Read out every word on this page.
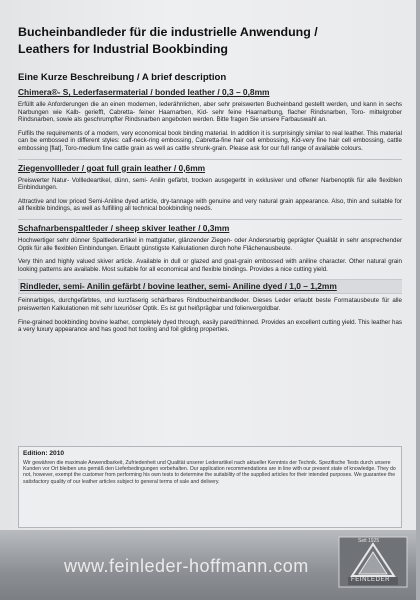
Bucheinbandleder für die industrielle Anwendung /
Leathers for Industrial Bookbinding
Eine Kurze Beschreibung / A brief description
Chimera®- S, Lederfasermaterial / bonded leather / 0,3 – 0,8mm

Erfüllt alle Anforderungen die an einen modernen, lederähnlichen, aber sehr preiswerten Bucheinband gestellt werden, und kann in sechs Narbungen wie Kalb- geriefft, Cabretta- feiner Haarnarben, Kid- sehr feine Haarnarbung, flacher Rindsnarben, Toro- mittelgrober Rindsnarben, sowie als geschrumpfter Rindsnarben angeboten werden. Bitte fragen Sie unsere Farbauswahl an.

Fulfils the requirements of a modern, very economical book binding material. In addition it is surprisingly similar to real leather. This material can be embossed in different styles: calf-neck-ring embossing, Cabretta-fine hair cell embossing, Kid-very fine hair cell embossing, cattle embossing [flat], Toro-medium fine cattle grain as well as cattle shrunk-grain. Please ask for our full range of available colours.

Ziegenvollleder / goat full grain leather / 0,6mm

Preiswerter Natur- Vollledeartikel, dünn, semi- Anilin gefärbt, trocken ausgegerbt in exklusiver und offener Narbenoptik für alle flexiblen Einbindungen.

Attractive and low priced Semi-Aniline dyed article, dry-tannage with genuine and very natural grain appearance. Also, thin and suitable for all flexible bindings, as well as fulfilling all technical bookbinding needs.

Schafnarbenspaltleder / sheep skiver leather / 0,3mm

Hochwertiger sehr dünner Spaltlederartikel in mattglatter, glänzender Ziegen- oder Andersnarbig geprägter Qualität in sehr ansprechender Optik für alle flexiblen Einbindungen. Erlaubt günstigste Kalkulationen durch hohe Flächenausbeute.

Very thin and highly valued skiver article. Available in dull or glazed and goat-grain embossed with aniline character. Other natural grain looking patterns are available. Most suitable for all economical and flexible bindings. Provides a nice cutting yield.

Rindleder, semi- Anilin gefärbt / bovine leather, semi- Aniline dyed / 1,0 – 1,2mm

Feinnarbiges, durchgefärbtes, und kurzfaserig schärfbares Rindbucheinbandleder. Dieses Leder erlaubt beste Formatausbeute für alle preiswerten Kalkulationen mit sehr luxuriöser Optik. Es ist gut heißprägbar und folienvergoldbar.

Fine-grained bookbinding bovine leather, completely dyed through, easily pared/thinned. Provides an excellent cutting yield. This leather has a very luxury appearance and has good hot tooling and foil gilding properties.

Edition: 2010

Wir gewähren die maximale Anwendbarkeit, Zufriedenheit und Qualität unserer Lederartikel nach aktueller Kenntnis der Technik. Spezifische Tests durch unsere Kunden vor Ort bleiben uns gemäß den Lieferbedingungen vorbehalten. Our application recommendations are in line with our present state of knowledge. They do not, however, exempt the customer from performing his own tests to determine the suitability of the supplied articles for their intended purposes. We guarantee the satisfactory quality of our leather articles subject to general terms of sale and delivery.

www.feinleder-hoffmann.com
FEINLEDER
Seit 1925
